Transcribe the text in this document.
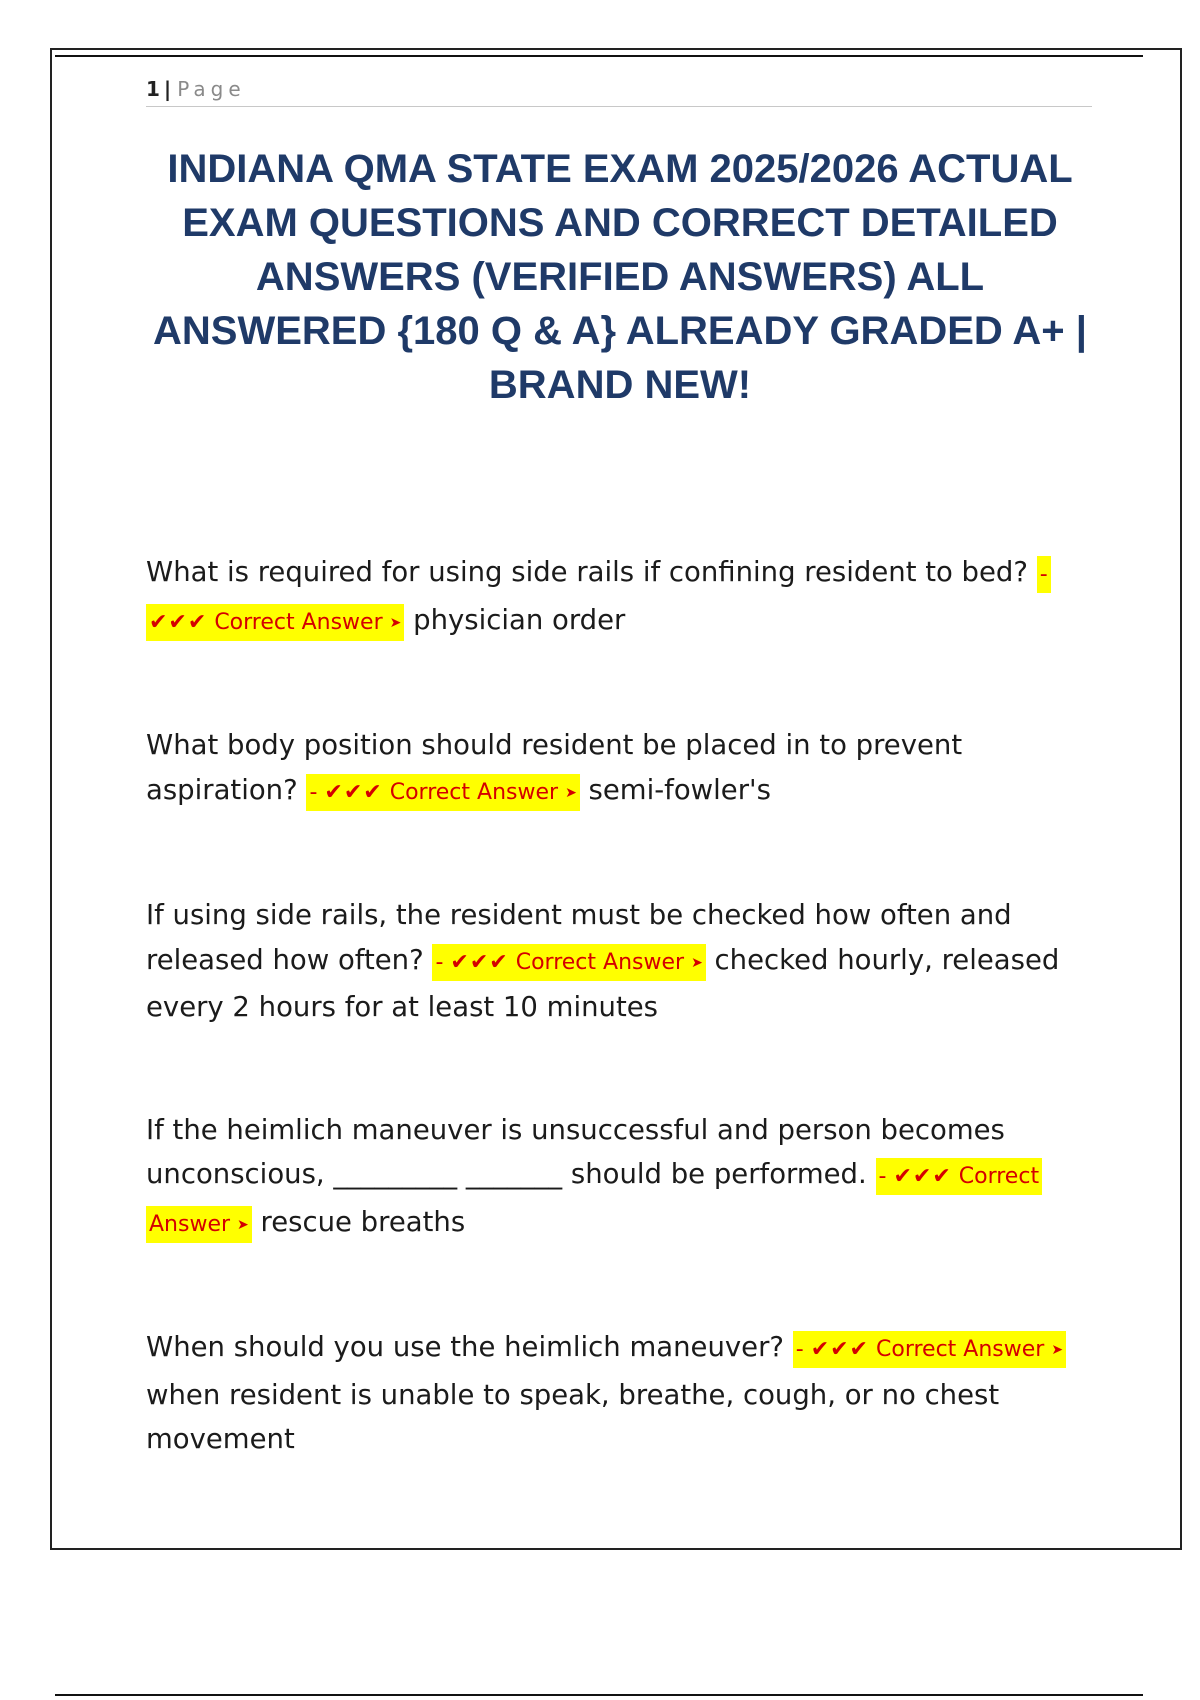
1 | Page
INDIANA QMA STATE EXAM 2025/2026 ACTUAL EXAM QUESTIONS AND CORRECT DETAILED ANSWERS (VERIFIED ANSWERS) ALL ANSWERED {180 Q & A} ALREADY GRADED A+ | BRAND NEW!

What is required for using side rails if confining resident to bed? - ✔✔✔ Correct Answer ➤ physician order

What body position should resident be placed in to prevent aspiration? - ✔✔✔ Correct Answer ➤ semi-fowler's

If using side rails, the resident must be checked how often and released how often? - ✔✔✔ Correct Answer ➤ checked hourly, released every 2 hours for at least 10 minutes

If the heimlich maneuver is unsuccessful and person becomes unconscious, _________ _______ should be performed. - ✔✔✔ Correct Answer ➤ rescue breaths

When should you use the heimlich maneuver? - ✔✔✔ Correct Answer ➤ when resident is unable to speak, breathe, cough, or no chest movement
